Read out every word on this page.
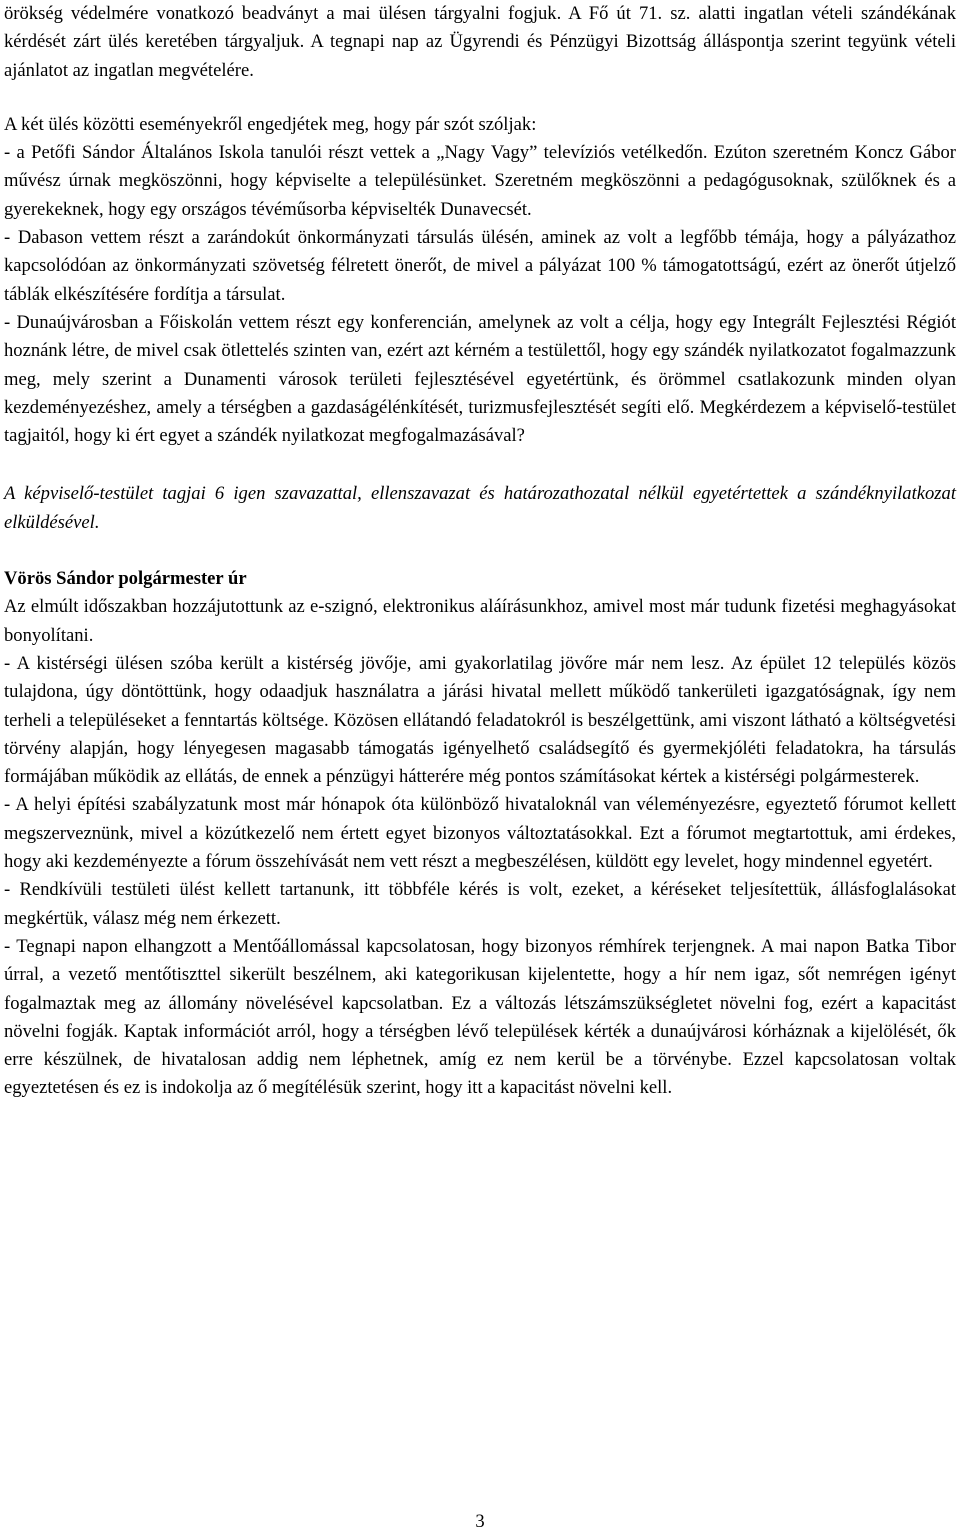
örökség védelmére vonatkozó beadványt a mai ülésen tárgyalni fogjuk. A Fő út 71. sz. alatti ingatlan vételi szándékának kérdését zárt ülés keretében tárgyaljuk. A tegnapi nap az Ügyrendi és Pénzügyi Bizottság álláspontja szerint tegyünk vételi ajánlatot az ingatlan megvételére.

A két ülés közötti eseményekről engedjétek meg, hogy pár szót szóljak:

- a Petőfi Sándor Általános Iskola tanulói részt vettek a „Nagy Vagy” televíziós vetélkedőn. Ezúton szeretném Koncz Gábor művész úrnak megköszönni, hogy képviselte a településünket. Szeretném megköszönni a pedagógusoknak, szülőknek és a gyerekeknek, hogy egy országos tévéműsorba képviselték Dunavecsét.

- Dabason vettem részt a zarándokút önkormányzati társulás ülésén, aminek az volt a legfőbb témája, hogy a pályázathoz kapcsolódóan az önkormányzati szövetség félretett önerőt, de mivel a pályázat 100 % támogatottságú, ezért az önerőt útjelző táblák elkészítésére fordítja a társulat.

- Dunaújvárosban a Főiskolán vettem részt egy konferencián, amelynek az volt a célja, hogy egy Integrált Fejlesztési Régiót hoznánk létre, de mivel csak ötlettelés szinten van, ezért azt kérném a testülettől, hogy egy szándék nyilatkozatot fogalmazzunk meg, mely szerint a Dunamenti városok területi fejlesztésével egyetértünk, és örömmel csatlakozunk minden olyan kezdeményezéshez, amely a térségben a gazdaságélénkítését, turizmusfejlesztését segíti elő. Megkérdezem a képviselő-testület tagjaitól, hogy ki ért egyet a szándék nyilatkozat megfogalmazásával?

A képviselő-testület tagjai 6 igen szavazattal, ellenszavazat és határozathozatal nélkül egyetértettek a szándéknyilatkozat elküldésével.

Vörös Sándor polgármester úr

Az elmúlt időszakban hozzájutottunk az e-szignó, elektronikus aláírásunkhoz, amivel most már tudunk fizetési meghagyásokat bonyolítani.

- A kistérségi ülésen szóba került a kistérség jövője, ami gyakorlatilag jövőre már nem lesz. Az épület 12 település közös tulajdona, úgy döntöttünk, hogy odaadjuk használatra a járási hivatal mellett működő tankerületi igazgatóságnak, így nem terheli a településeket a fenntartás költsége. Közösen ellátandó feladatokról is beszélgettünk, ami viszont látható a költségvetési törvény alapján, hogy lényegesen magasabb támogatás igényelhető családsegítő és gyermekjóléti feladatokra, ha társulás formájában működik az ellátás, de ennek a pénzügyi hátterére még pontos számításokat kértek a kistérségi polgármesterek.

- A helyi építési szabályzatunk most már hónapok óta különböző hivataloknál van véleményezésre, egyeztető fórumot kellett megszerveznünk, mivel a közútkezelő nem értett egyet bizonyos változtatásokkal. Ezt a fórumot megtartottuk, ami érdekes, hogy aki kezdeményezte a fórum összehívását nem vett részt a megbeszélésen, küldött egy levelet, hogy mindennel egyetért.

- Rendkívüli testületi ülést kellett tartanunk, itt többféle kérés is volt, ezeket, a kéréseket teljesítettük, állásfoglalásokat megkértük, válasz még nem érkezett.

- Tegnapi napon elhangzott a Mentőállomással kapcsolatosan, hogy bizonyos rémhírek terjengnek. A mai napon Batka Tibor úrral, a vezető mentőtiszttel sikerült beszélnem, aki kategorikusan kijelentette, hogy a hír nem igaz, sőt nemrégen igényt fogalmaztak meg az állomány növelésével kapcsolatban. Ez a változás létszámszükségletet növelni fog, ezért a kapacitást növelni fogják. Kaptak információt arról, hogy a térségben lévő települések kérték a dunaújvárosi kórháznak a kijelölését, ők erre készülnek, de hivatalosan addig nem léphetnek, amíg ez nem kerül be a törvénybe. Ezzel kapcsolatosan voltak egyeztetésen és ez is indokolja az ő megítélésük szerint, hogy itt a kapacitást növelni kell.

3
